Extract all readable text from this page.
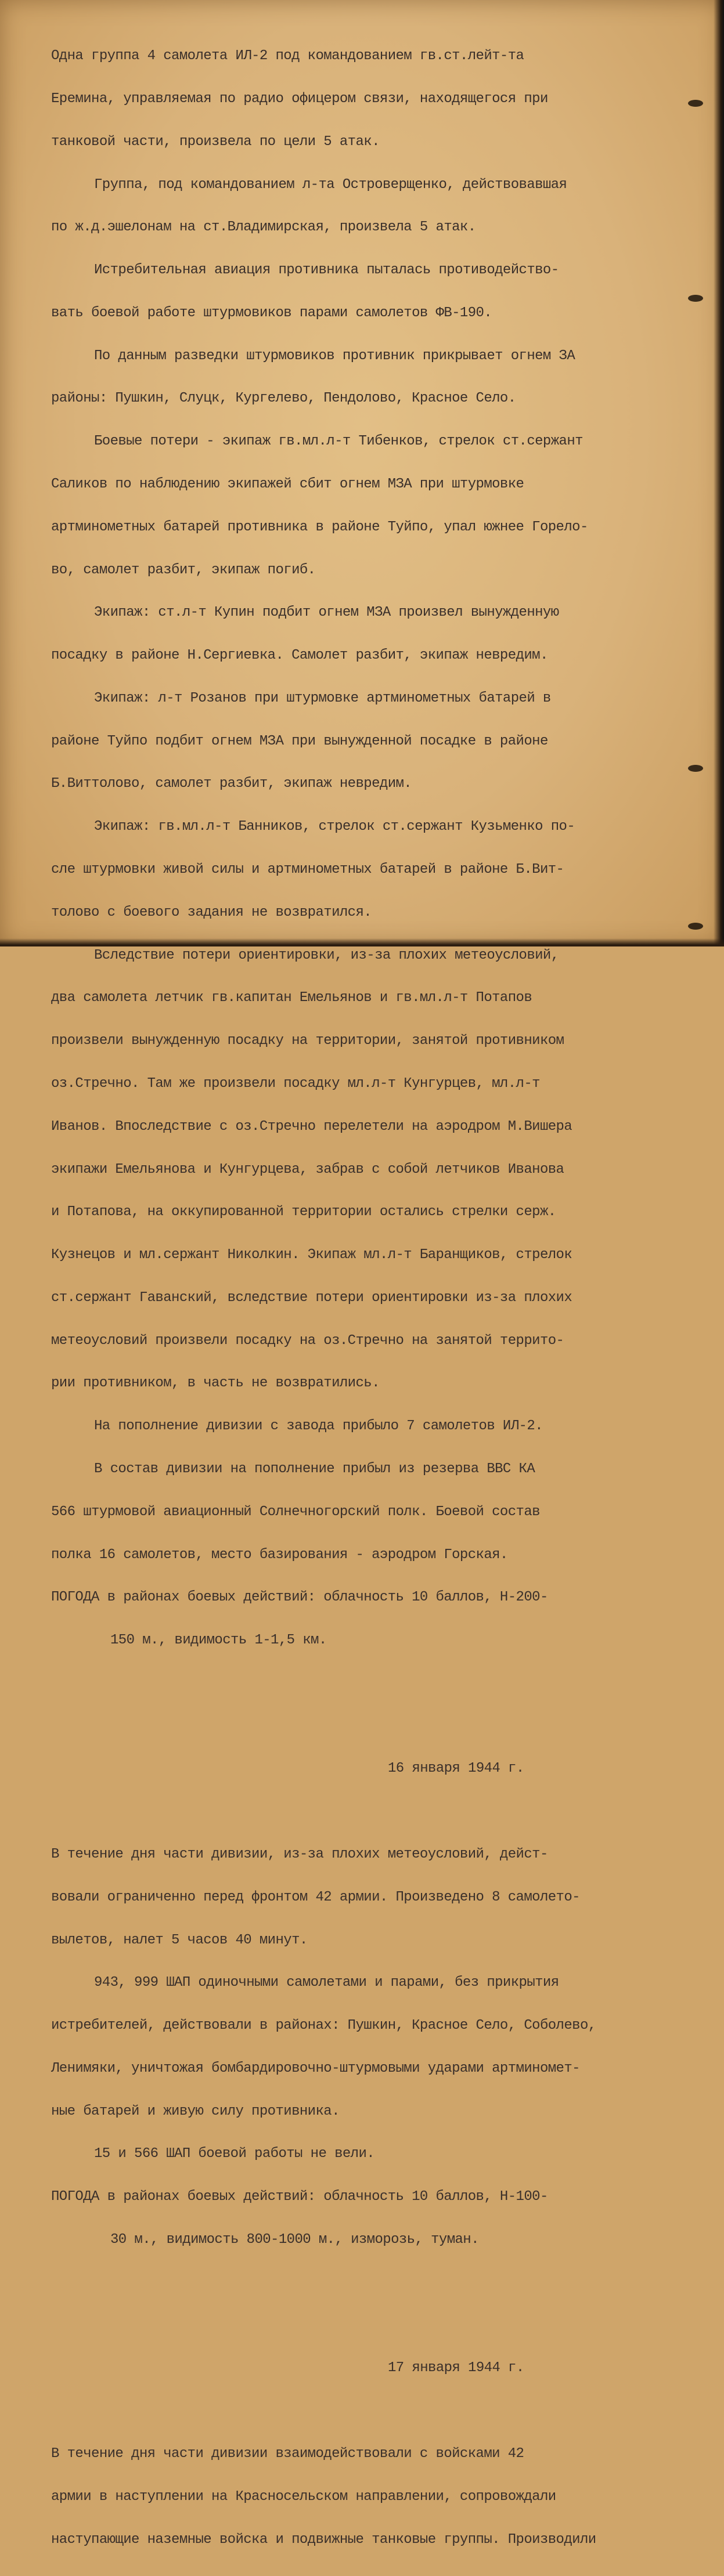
Одна группа 4 самолета ИЛ-2 под командованием гв.ст.лейт-та

Еремина, управляемая по радио офицером связи, находящегося при

танковой части, произвела по цели 5 атак.

Группа, под командованием л-та Островерщенко, действовавшая

по ж.д.эшелонам на ст.Владимирская, произвела 5 атак.

Истребительная авиация противника пыталась противодейство-

вать боевой работе штурмовиков парами самолетов ФВ-190.

По данным разведки штурмовиков противник прикрывает огнем ЗА

районы: Пушкин, Слуцк, Кургелево, Пендолово, Красное Село.

Боевые потери - экипаж гв.мл.л-т Тибенков, стрелок ст.сержант

Саликов по наблюдению экипажей сбит огнем МЗА при штурмовке

артминометных батарей противника в районе Туйпо, упал южнее Горело-

во, самолет разбит, экипаж погиб.

Экипаж: ст.л-т Купин подбит огнем МЗА произвел вынужденную

посадку в районе Н.Сергиевка. Самолет разбит, экипаж невредим.

Экипаж: л-т Розанов при штурмовке артминометных батарей в

районе Туйпо подбит огнем МЗА при вынужденной посадке в районе

Б.Виттолово, самолет разбит, экипаж невредим.

Экипаж: гв.мл.л-т Банников, стрелок ст.сержант Кузьменко по-

сле штурмовки живой силы и артминометных батарей в районе Б.Вит-

толово с боевого задания не возвратился.

Вследствие потери ориентировки, из-за плохих метеоусловий,

два самолета летчик гв.капитан Емельянов и гв.мл.л-т Потапов

произвели вынужденную посадку на территории, занятой противником

оз.Стречно. Там же произвели посадку мл.л-т Кунгурцев, мл.л-т

Иванов. Впоследствие с оз.Стречно перелетели на аэродром М.Вишера

экипажи Емельянова и Кунгурцева, забрав с собой летчиков Иванова

и Потапова, на оккупированной территории остались стрелки серж.

Кузнецов и мл.сержант Николкин. Экипаж мл.л-т Баранщиков, стрелок

ст.сержант Гаванский, вследствие потери ориентировки из-за плохих

метеоусловий произвели посадку на оз.Стречно на занятой террито-

рии противником, в часть не возвратились.

На пополнение дивизии с завода прибыло 7 самолетов ИЛ-2.

В состав дивизии на пополнение прибыл из резерва ВВС КА

566 штурмовой авиационный Солнечногорский полк. Боевой состав

полка 16 самолетов, место базирования - аэродром Горская.

ПОГОДА в районах боевых действий: облачность 10 баллов, Н-200-

150 м., видимость 1-1,5 км.

16 января 1944 г.

В течение дня части дивизии, из-за плохих метеоусловий, дейст-

вовали ограниченно перед фронтом 42 армии. Произведено 8 самолето-

вылетов, налет 5 часов 40 минут.

943, 999 ШАП одиночными самолетами и парами, без прикрытия

истребителей, действовали в районах: Пушкин, Красное Село, Соболево,

Ленимяки, уничтожая бомбардировочно-штурмовыми ударами артминомет-

ные батарей и живую силу противника.

15 и 566 ШАП боевой работы не вели.

ПОГОДА в районах боевых действий: облачность 10 баллов, Н-100-

30 м., видимость 800-1000 м., изморозь, туман.

17 января 1944 г.

В течение дня части дивизии взаимодействовали с войсками 42

армии в наступлении на Красносельском направлении, сопровождали

наступающие наземные войска и подвижные танковые группы. Производили
